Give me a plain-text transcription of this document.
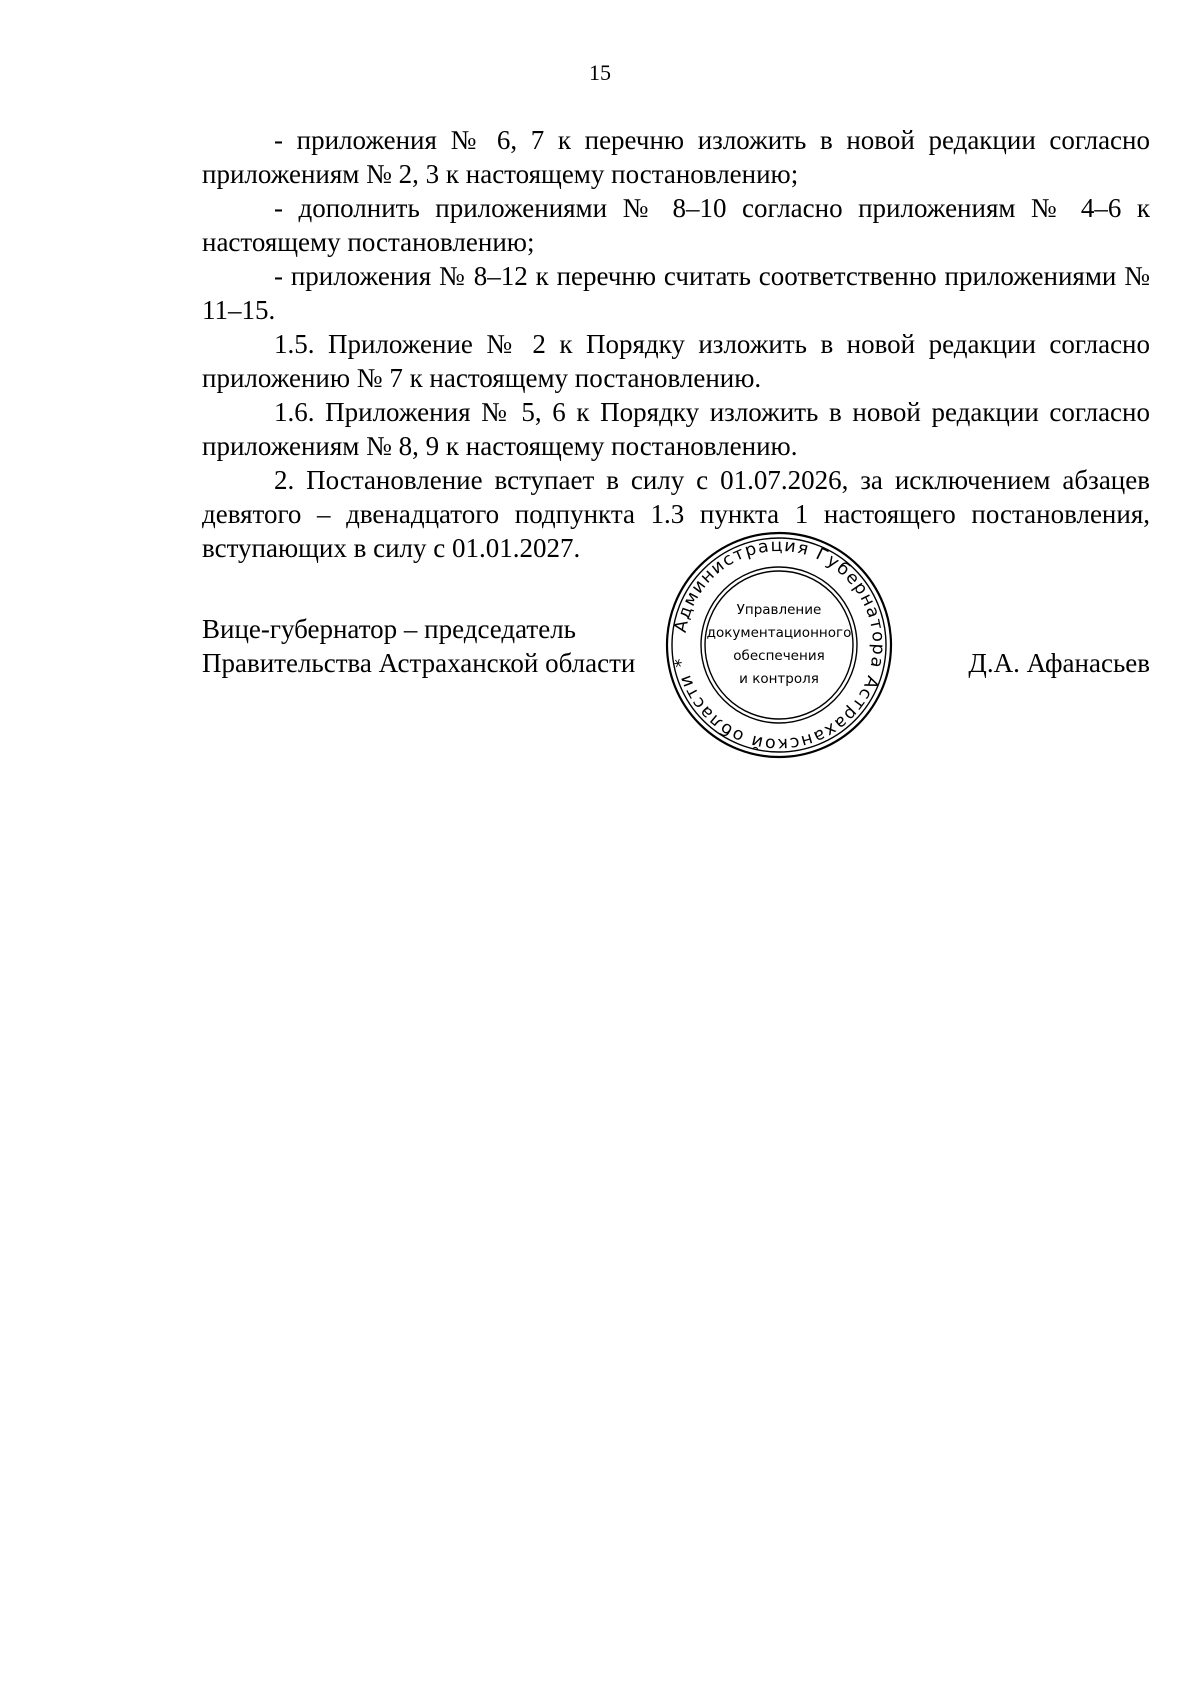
15

- приложения № 6, 7 к перечню изложить в новой редакции согласно приложениям № 2, 3 к настоящему постановлению;

- дополнить приложениями № 8–10 согласно приложениям № 4–6 к настоящему постановлению;

- приложения № 8–12 к перечню считать соответственно приложениями № 11–15.

1.5. Приложение № 2 к Порядку изложить в новой редакции согласно приложению № 7 к настоящему постановлению.

1.6. Приложения № 5, 6 к Порядку изложить в новой редакции согласно приложениям № 8, 9 к настоящему постановлению.

2. Постановление вступает в силу с 01.07.2026, за исключением абзацев девятого – двенадцатого подпункта 1.3 пункта 1 настоящего постановления, вступающих в силу с 01.01.2027.

Вице-губернатор – председатель
Правительства Астраханской области
Администрация Губернатора Астраханской области *
Управление
документационного
обеспечения
и контроля
Д.А. Афанасьев
